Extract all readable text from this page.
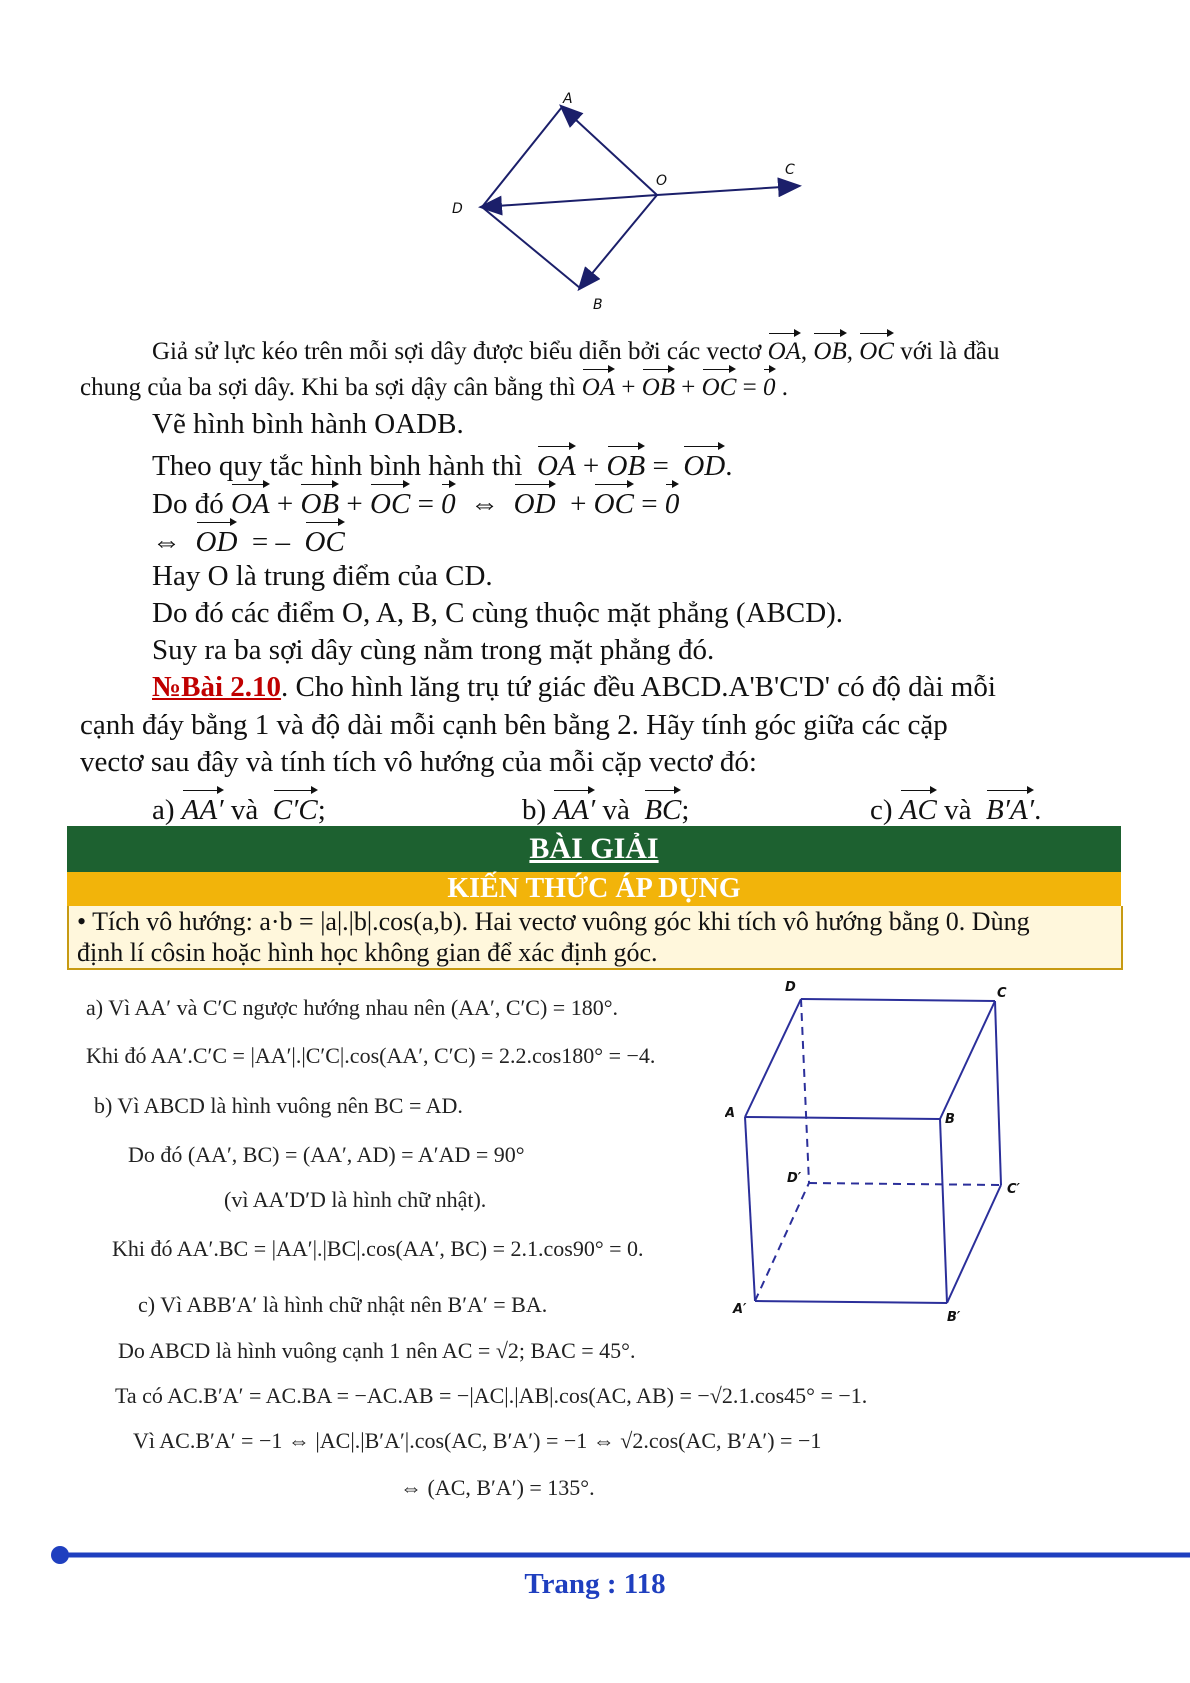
A
B
C
D
O
Giả sử lực kéo trên mỗi sợi dây được biểu diễn bởi các vectơ OA, OB, OC với là đầu
chung của ba sợi dây. Khi ba sợi dậy cân bằng thì OA + OB + OC = 0 .
Vẽ hình bình hành OADB.
Theo quy tắc hình bình hành thì OA + OB =  OD.
Do đó OA + OB + OC = 0  ⇔  OD  + OC = 0
⇔  OD  = –  OC
Hay O là trung điểm của CD.
Do đó các điểm O, A, B, C cùng thuộc mặt phẳng (ABCD).
Suy ra ba sợi dây cùng nằm trong mặt phẳng đó.
№Bài 2.10. Cho hình lăng trụ tứ giác đều ABCD.A'B'C'D' có độ dài mỗi
cạnh đáy bằng 1 và độ dài mỗi cạnh bên bằng 2. Hãy tính góc giữa các cặp
vectơ sau đây và tính tích vô hướng của mỗi cặp vectơ đó:
a) AA′ và C′C;	b) AA′ và BC;	c) AC và B′A′.
BÀI GIẢI
KIẾN THỨC ÁP DỤNG
• Tích vô hướng: a·b = |a|.|b|.cos(a,b). Hai vectơ vuông góc khi tích vô hướng bằng 0. Dùng
định lí côsin hoặc hình học không gian để xác định góc.
a) Vì AA′ và C′C ngược hướng nhau nên (AA′, C′C) = 180°.
Khi đó AA′.C′C = |AA′|.|C′C|.cos(AA′, C′C) = 2.2.cos180° = −4.
b) Vì ABCD là hình vuông nên BC = AD.
Do đó (AA′, BC) = (AA′, AD) = A′AD = 90°
(vì AA′D′D là hình chữ nhật).
Khi đó AA′.BC = |AA′|.|BC|.cos(AA′, BC) = 2.1.cos90° = 0.
c) Vì ABB′A′ là hình chữ nhật nên B′A′ = BA.
Do ABCD là hình vuông cạnh 1 nên AC = √2; BAC = 45°.
Ta có AC.B′A′ = AC.BA = −AC.AB = −|AC|.|AB|.cos(AC, AB) = −√2.1.cos45° = −1.
Vì AC.B′A′ = −1 ⇔ |AC|.|B′A′|.cos(AC, B′A′) = −1 ⇔ √2.cos(AC, B′A′) = −1
⇔ (AC, B′A′) = 135°.
D	C
A	B
D′
C′
A′
B′
Trang : 118
